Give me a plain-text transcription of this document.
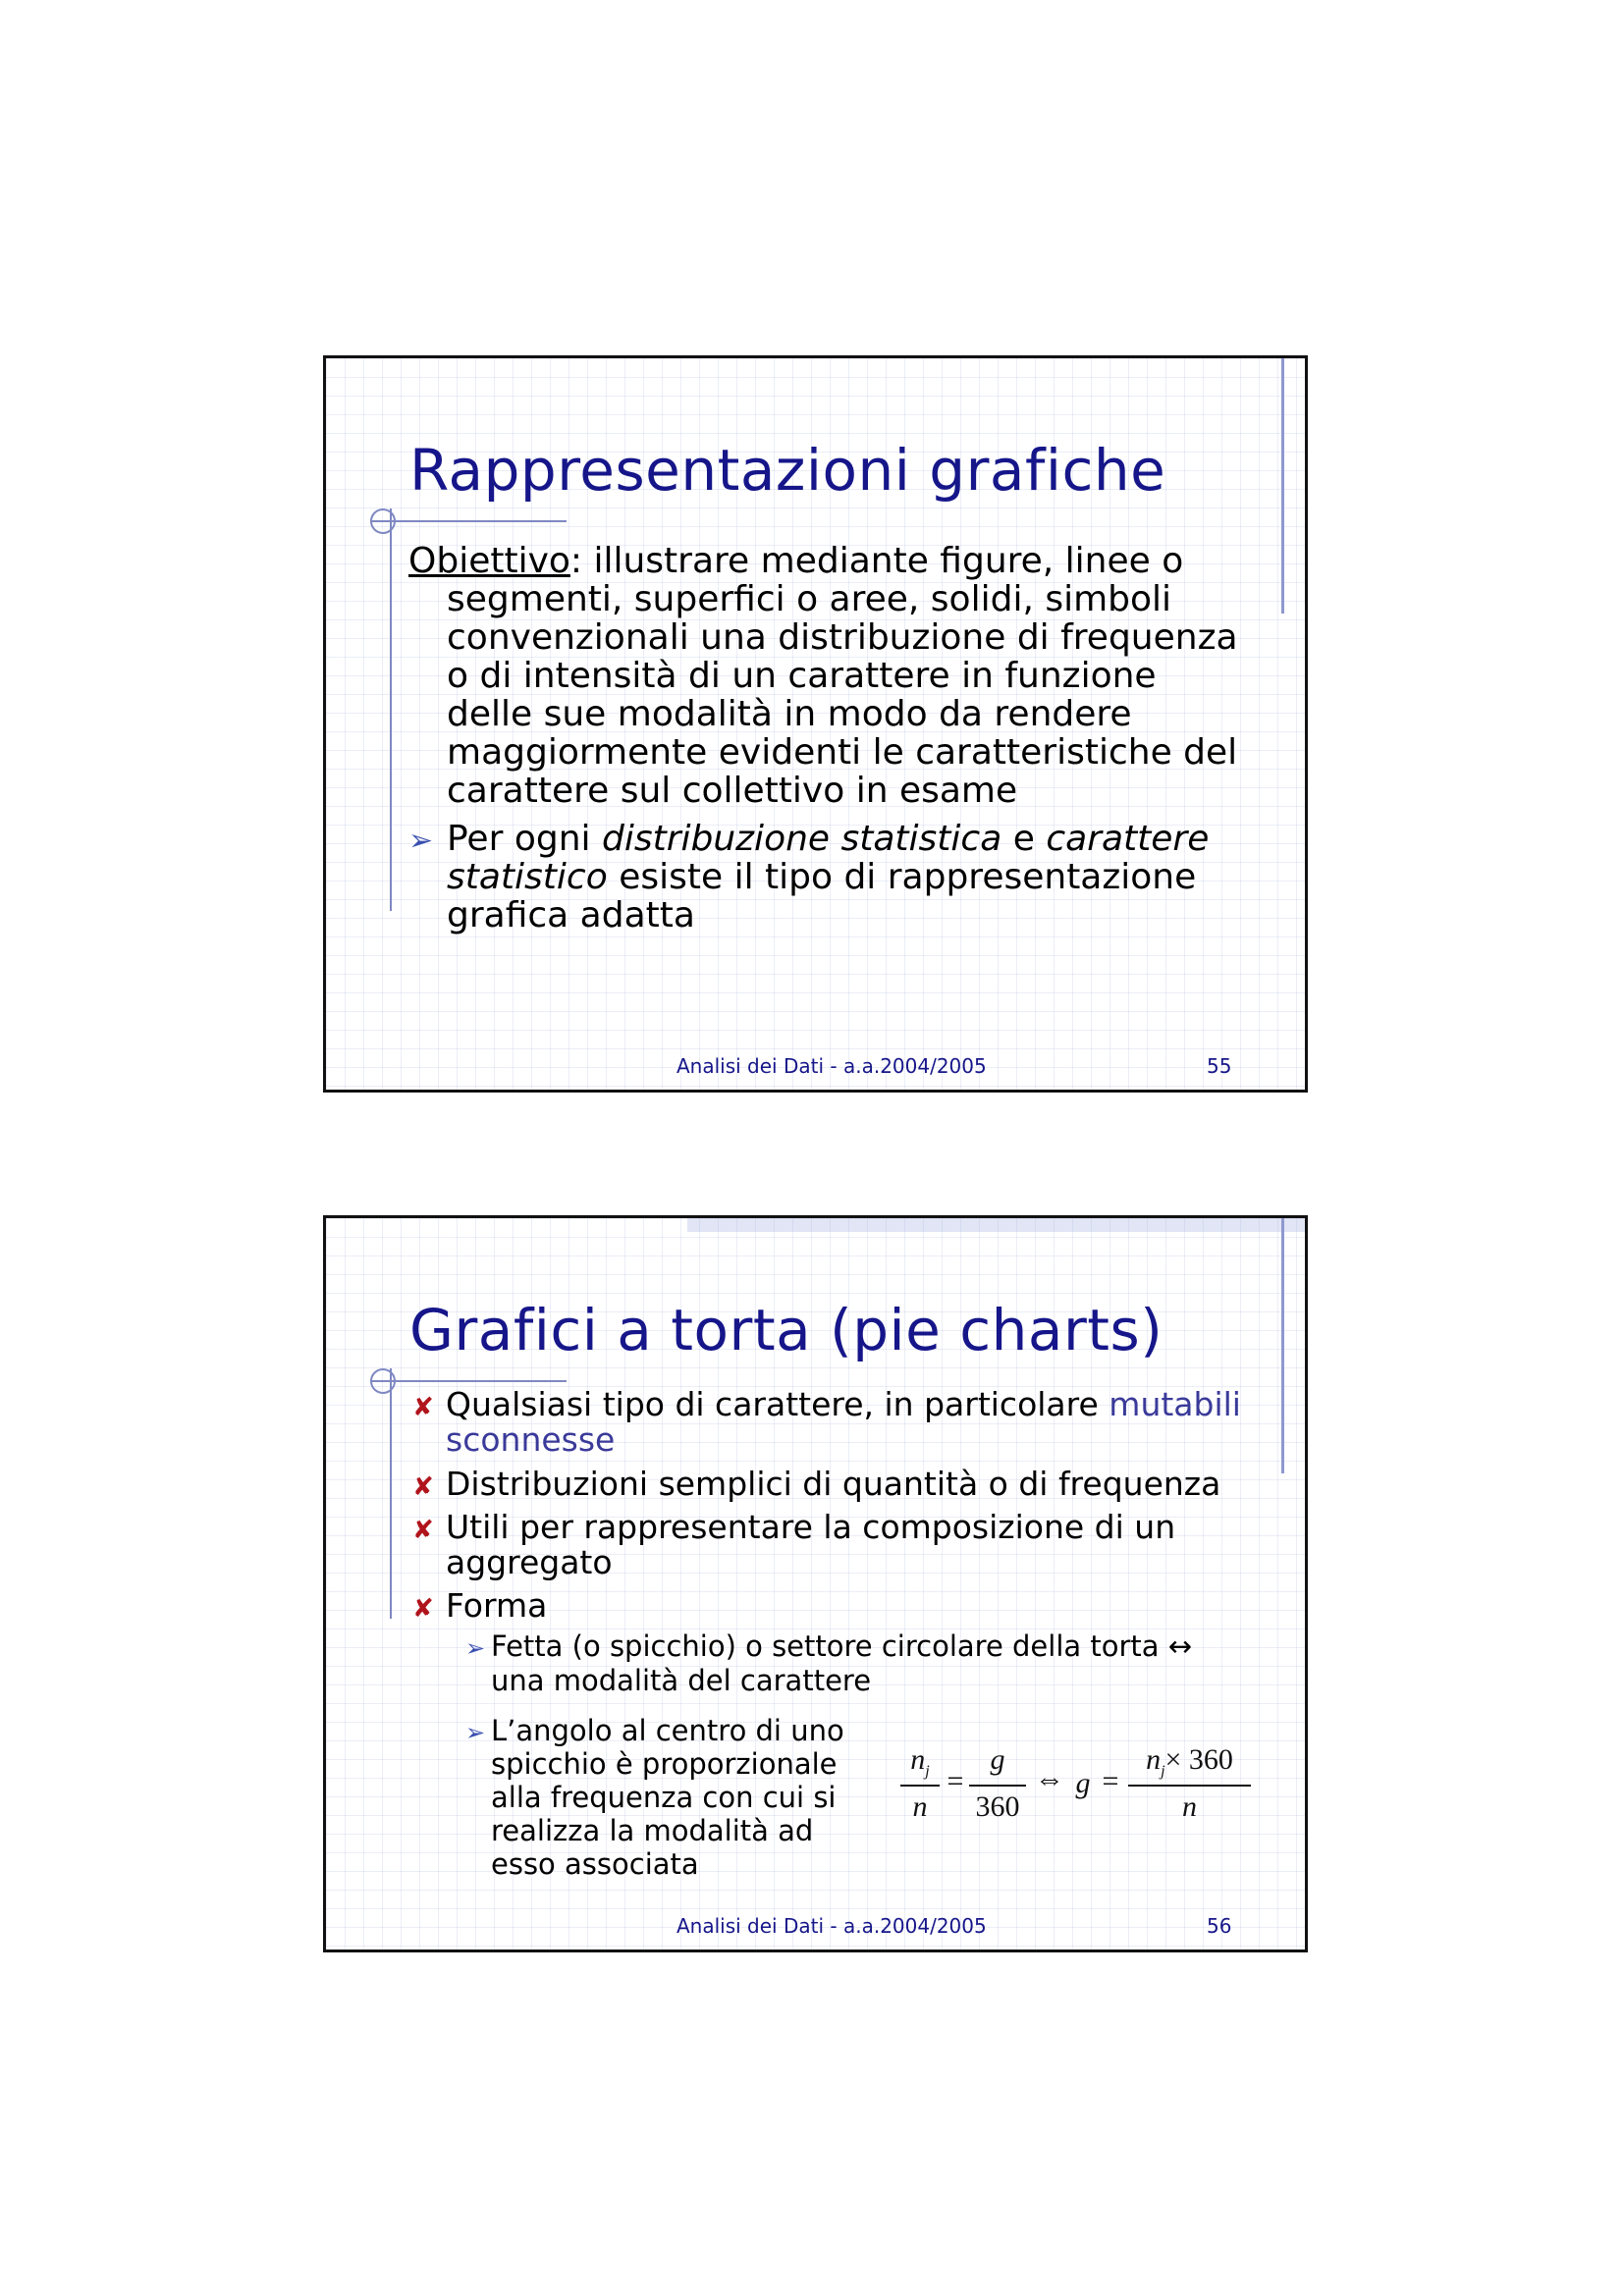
Rappresentazioni grafiche
Obiettivo: illustrare mediante figure, linee o
segmenti, superfici o aree, solidi, simboli
convenzionali una distribuzione di frequenza
o di intensità di un carattere in funzione
delle sue modalità in modo da rendere
maggiormente evidenti le caratteristiche del
carattere sul collettivo in esame
➢ Per ogni distribuzione statistica e carattere
statistico esiste il tipo di rappresentazione
grafica adatta
Analisi dei Dati - a.a.2004/2005	55
Grafici a torta (pie charts)
✘ Qualsiasi tipo di carattere, in particolare mutabili
sconnesse
✘ Distribuzioni semplici di quantità o di frequenza
✘ Utili per rappresentare la composizione di un
aggregato
✘ Forma
➢ Fetta (o spicchio) o settore circolare della torta ↔
una modalità del carattere
➢ L’angolo al centro di uno
spicchio è proporzionale
alla frequenza con cui si
realizza la modalità ad
esso associata
$n_j$
n
=
g
360
⇔ g =
$n_j\times 360$
n
Analisi dei Dati - a.a.2004/2005	56
